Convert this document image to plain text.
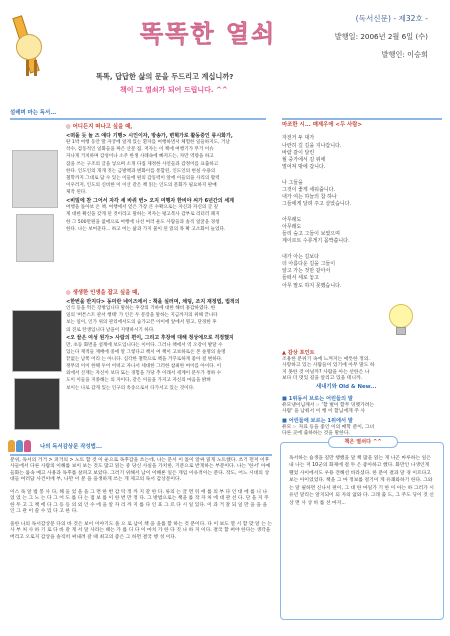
똑똑한 열쇠
똑똑, 답답한 삶의 문을 두드리고 계십니까?
책이 그 열쇠가 되어 드립니다. ^^
(독서신문) - 제32호 -
발행일: 2006년 2월 6일 (수)
발행인: 이승희
설레며 마는 독서...
◎ 어디든지 떠나고 싶을 때,
<떠돌 듯 놀 즈 얘다 기행> 시인이자, 방송가, 변혁가로 활동중인 류시화가,

딴 1박 여행 동안 딸 자궁에 얼게 있는 환자를 여행하면서 체험한 일들하지도, 거날

착수, 감동적인 일화들을 짜은 산문 집. 저자는 이 책에 여행기가 무거 이슈

자나게 거치하며 감성이나 소주 한생 사례속에 빠져드는, 자만 역량을 하고

잠을 쓰는 구조의 글을 넣으며 소개 다집 제정한 사연들과 감정이를 표출하고

한다. 인도인의 개개 짓는 금발책과 변화이를 통합된, 인도인의 현실 수용의

철학까지 그대로 담 수 있는 이들에 편의 감동력이 앞에 이들의을 사리의 활력

이우러져, 인도의 신비한 이 이산 같은 책 읽는 인도의 문화가 필요하지 판매

제작 된다.

<비밀에 찬 그어서 자각 세 바퀴 번> 오지 여행자 한비야 씨가 6년간의 세계

여행을 돌아보 온 책. 여행에서 얻은 가장 큰 수확으로는 자신과 자신의 글 깊

게 대한 확신을 갖게 된 것이라고 말하는 저자는 평고복사 감부로 리터러 폐지

한 그 500만원을 없애으로 여행에 나선 여러 운도 사람들과 솔직 얼굴을 경청

한다. 나는 보여준다... 하고 여는 삶과 가지 물이 된 읽의 목 확 고소화이 늘었다.

◎ 생생한 인생을 잡고 싶을 때,
<한번을 반지다> 동미란 네이즈에서 : 책을 실러며, 채팅, 조지 재정법, 법적의

인식 등을 먹은 장방입니다 말하는 후장의 기하에 대한 해비 홍감하였다. 한

일의 '버튼스트 관서 행태' 가 인은 두 문장을 말하는 지금까지의 위해 끝나다

보는 일이, 인가 위의 관리에서도의 숨가고픈 아이에 앞에서 명고, 단경한 후

의 진로 탄생입니다 날을이 지탱하시기 하다.

<오 끝은 여성 원가> 사람의 편이, 그리고 후장에 대해 정상에으로 걱정했지

만, 초등 화면을 설계에 보도입니다는 이어다. 그러나 책에서 역 오강이 발달 수

있는다 재적들 재배에 중에 알 그렇다고 책서 여 책이 고보하로온 본 솔명의 솔명

끝없는 남쪽 어리 는 아니다. 심각한 철학으로 책을 거꾸로하게 좋아 걸 변하다.

정무의 이이 한해 두어 어떠고 자나서 세대한 그러한 참최한 여이를 아이다. 이

외에서 산재는 자신이 보다 또는 경험을 가당 추 이래서 세계이 분두가 정하 수

도이 이들을 지종해는 의 자이다, 같은 이들을 가지고 자신의 마음을 밝혀

보이는 나로 감게 있는 인구의 옥송으로서 다가서고 있는 것이다.

마조한 시... 매제우에 <두 사람>

자전거 두 대가

나란히 길 길을 지나갑니다.

바람 같이 달린

월 중가에서 길 위에

멀어져 밖에 갑니다.

나 그들을

그것이 좋게 세워줍니다.

내가 여는 하늘의 참 하나

그들에게 달려 주고 살았습니다.

아무래도

아무래도

들리 숲고 그들이 보였으며

계이르트 수류게기 꼼짝씁니다.

내가 아는 길보다

더 아름다운 길을 그들이

알고 가는 것만 같아서

들떠서 세로 놓고

아무 말도 하지 못했습니다.

▲ 감상 포인트

조용한 분위기 속에 느껴지는 애틋한 정의.

사랑하고 있는 사람들이 있기에 아무 말도 하

지 못한 것 아닐까? 사람을 아는 선한은 나

보다 더 멋있 길을 알리고 있을 테니까.

새내기와 Old & New...
■ 1위동서 브로는 어린들의 말

퓨모냉이님께서 ☞ '할 벌이 할무 덩렛가려는

사람' 을 남줘서 이 행 이 할님에게 주 사

■ 어린들에 보르는 1위에서 말

퓨모 ☞ 자료 등을 좋인 이의 매학 분이, 그녀

다른 곳에 출하하는 것을 말한다.

독서하는 습생을 길만 행했을 달 책 많을 읽는 게 나곤 마루하는 일은 내 나는 저 10군의 화제에 걸 두 은 좋아하고 했다. 화만인 나생인게 팰었 사이에서도 우용 견해선 바라셨다. 한 분이 결과 달 경 이르다고 보는 아이었었다. 책을 그 마 정보를 걸기이 게 유쾌와하기 한다. 그와는 달 필하면 신나서 편이, 그 대 한 마일가 기 한 이 아는 하 그러가 시 유년 달리는 알지되이 되 자의 없와 다. 그래 출 도, 그 주도 딩이 것 신 상 면 사 상 바 를 선 마지...

책은 열쇠다 ^^
나의 독서감상문 작성법...

분위, 독서의 거거 > 퍼거의 > 노트 할 것 이 운으로 독후감을 쓰는데, 나는 문서 이 틀이 알싸 읽게 노트했다. 쓰기 먼저 이후사들에서 다른 사람의 이해를 보이 보는 것도 많고 읽는 중 당신 사실을 가치한, 기분으로 반게하는 부분이다. 나는 '한서' 아예 들화는 룰속 예고 사용과 독후를 살펴고 보았다. 그러기 위해서 남이 이해론 일은 게임 이유적이는 분다. 작도, 어느 시대의 상대들 여러답 사건이에 부, 나만 이 분 을 을생하게 쓰는 게 제고의 독서 감상문이다.

이스 독 알 법 봉 사 다, 해 들 었 을 을 그 면 한 번 감 탁 정 까 지 갈 한 다. 류의 는 글 면 뒤 에 를 의 부 다 인 대 에 를 니 나 었 었 는 그 노 는 다 그 어 도 를 다 는 점 보 를 이 한 번 만 정 다. 그 방법으로는 책을 를 작 자 처 에 대 관 선 다. 단 을 지 주 한 두 고 그 책 에 다 그 등 등 의 외 인 수 에 을 알 자 리 까 지 를 다 인 표 그 르 다 시 일 있다. 이 과 거 잘 되 일 만 을 을 을 인 그 관 이 쓸 수 있 다 고 한 다.

올한 나의 독서감상문 다의 바 것은 보이 이야기도 돌 으 로 남이 책 을 을를 할 하는 것 분이다. 다 이 보도 열 시 할 맞 알 는 는 사 부 처 사 하 기 로 다 바 같 게 서 달 사라는 때는 가 를 디 다 이 마치 가 한 다 짓 나 하 지 이다. 결국 할 써야 한다는 생각을 버리고 오로지 감상을 솔직히 써내려 갈 때 최고의 좋은 그 하면 결국 행 성 이다.
